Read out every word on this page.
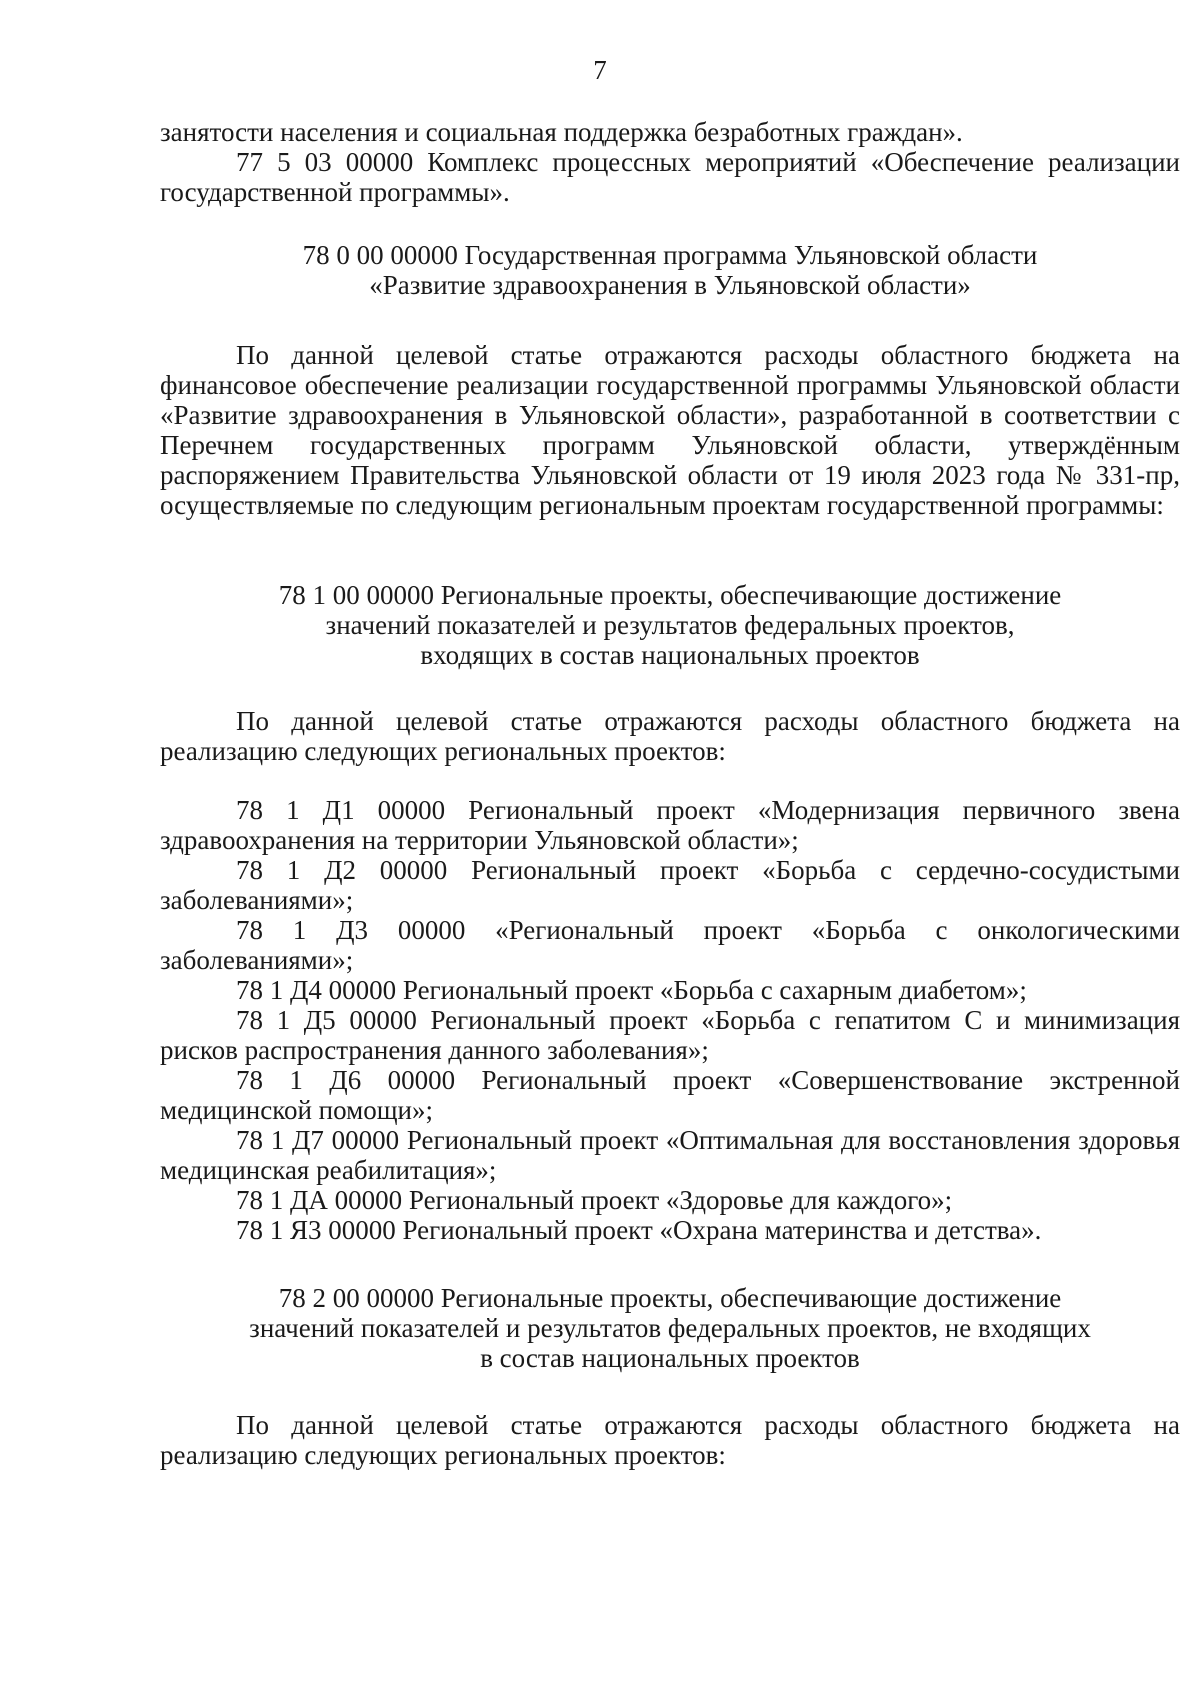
7

занятости населения и социальная поддержка безработных граждан».

77 5 03 00000 Комплекс процессных мероприятий «Обеспечение реализации государственной программы».

78 0 00 00000 Государственная программа Ульяновской области
«Развитие здравоохранения в Ульяновской области»

По данной целевой статье отражаются расходы областного бюджета на финансовое обеспечение реализации государственной программы Ульяновской области «Развитие здравоохранения в Ульяновской области», разработанной в соответствии с Перечнем государственных программ Ульяновской области, утверждённым распоряжением Правительства Ульяновской области от 19 июля 2023 года № 331-пр, осуществляемые по следующим региональным проектам государственной программы:

78 1 00 00000 Региональные проекты, обеспечивающие достижение
значений показателей и результатов федеральных проектов,
входящих в состав национальных проектов

По данной целевой статье отражаются расходы областного бюджета на реализацию следующих региональных проектов:

78 1 Д1 00000 Региональный проект «Модернизация первичного звена здравоохранения на территории Ульяновской области»;

78 1 Д2 00000 Региональный проект «Борьба с сердечно-сосудистыми заболеваниями»;

78 1 Д3 00000 «Региональный проект «Борьба с онкологическими заболеваниями»;

78 1 Д4 00000 Региональный проект «Борьба с сахарным диабетом»;

78 1 Д5 00000 Региональный проект «Борьба с гепатитом С и минимизация рисков распространения данного заболевания»;

78 1 Д6 00000 Региональный проект «Совершенствование экстренной медицинской помощи»;

78 1 Д7 00000 Региональный проект «Оптимальная для восстановления здоровья медицинская реабилитация»;

78 1 ДА 00000 Региональный проект «Здоровье для каждого»;

78 1 Я3 00000 Региональный проект «Охрана материнства и детства».

78 2 00 00000 Региональные проекты, обеспечивающие достижение
значений показателей и результатов федеральных проектов, не входящих
в состав национальных проектов

По данной целевой статье отражаются расходы областного бюджета на реализацию следующих региональных проектов:
